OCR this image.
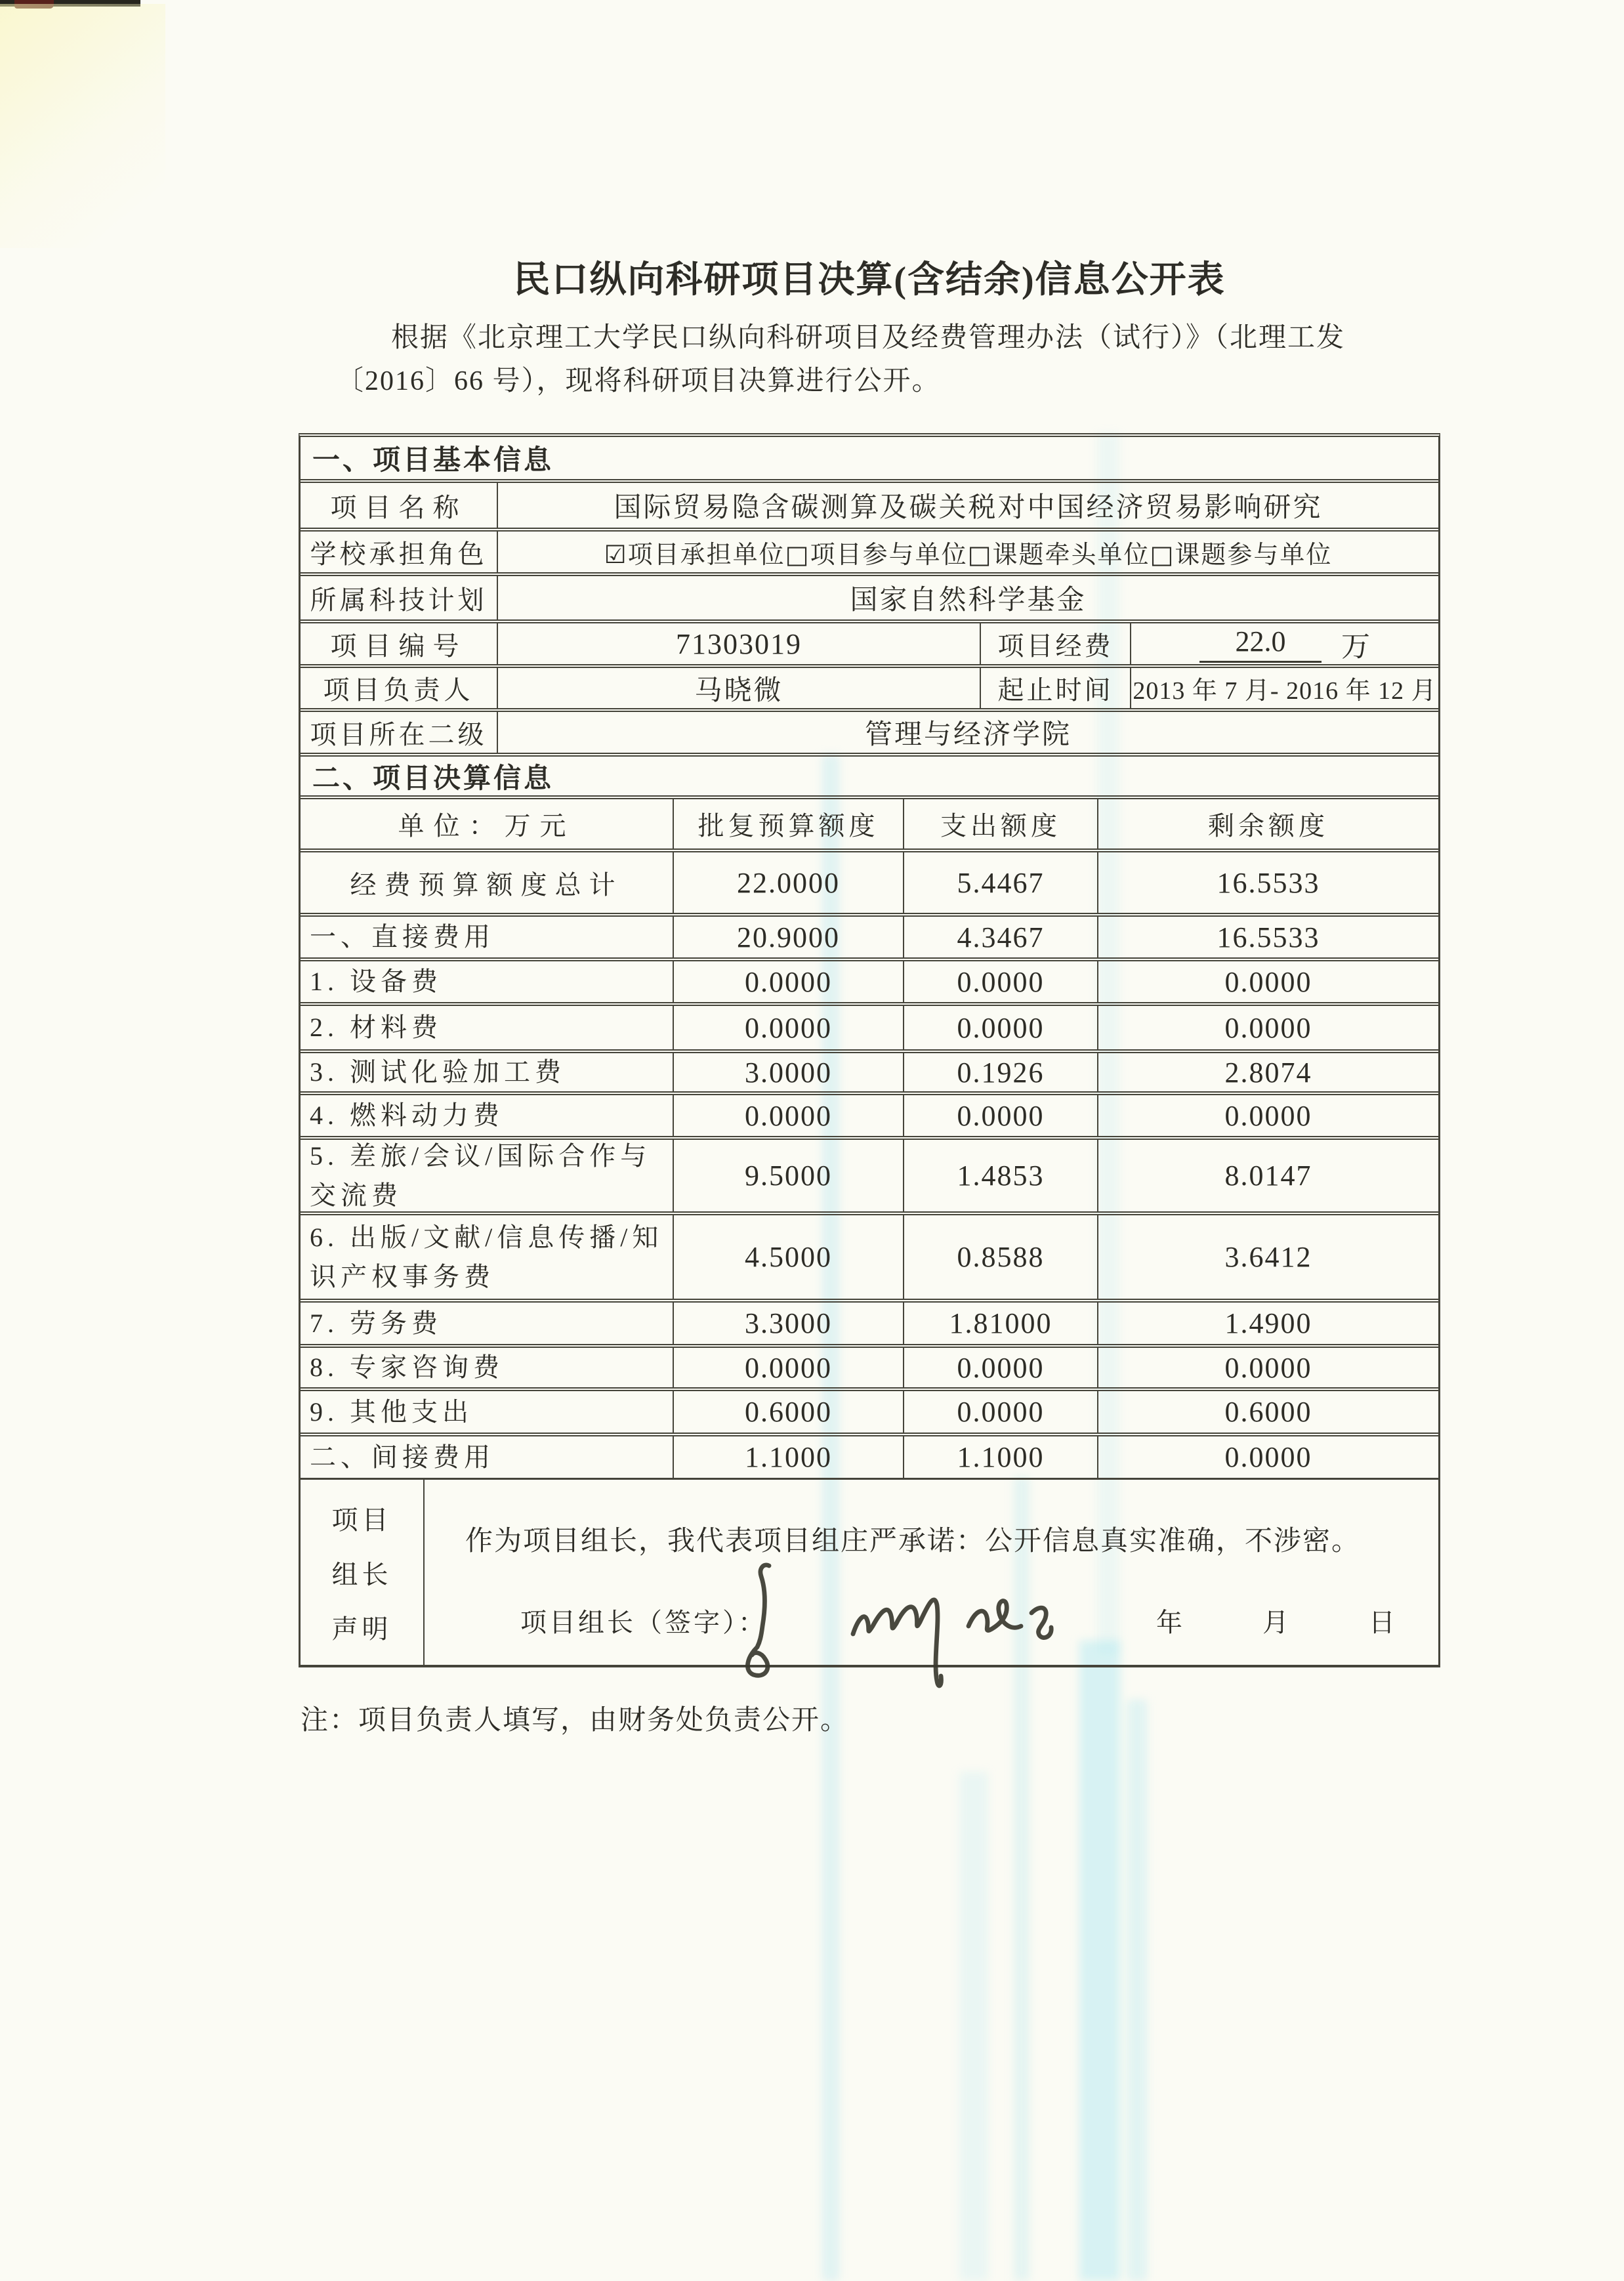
民口纵向科研项目决算(含结余)信息公开表
根据《北京理工大学民口纵向科研项目及经费管理办法（试行）》（北理工发
〔2016〕66 号），现将科研项目决算进行公开。
一、项目基本信息
项目名称	国际贸易隐含碳测算及碳关税对中国经济贸易影响研究
学校承担角色	☑项目承担单位□项目参与单位□课题牵头单位□课题参与单位
所属科技计划	国家自然科学基金
项目编号	71303019	项目经费	22.0	万
项目负责人	马晓微	起止时间 2013 年 7 月- 2016 年 12 月
项目所在二级	管理与经济学院
二、项目决算信息
单位：万元	批复预算额度	支出额度	剩余额度
经费预算额度总计	22.0000	5.4467	16.5533
一、直接费用	20.9000	4.3467	16.5533
1. 设备费	0.0000	0.0000	0.0000
2. 材料费	0.0000	0.0000	0.0000
3. 测试化验加工费	3.0000	0.1926	2.8074
4. 燃料动力费	0.0000	0.0000	0.0000
5. 差旅/会议/国际合作与交流费
9.5000	1.4853	8.0147
6. 出版/文献/信息传播/知识产权事务费
4.5000	0.8588	3.6412
7. 劳务费	3.3000	1.81000	1.4900
8. 专家咨询费	0.0000	0.0000	0.0000
9. 其他支出	0.6000	0.0000	0.6000
二、间接费用	1.1000	1.1000	0.0000
项目
组长
声明
作为项目组长，我代表项目组庄严承诺：公开信息真实准确，不涉密。
项目组长（签字）：	年	月	日
注：项目负责人填写，由财务处负责公开。
